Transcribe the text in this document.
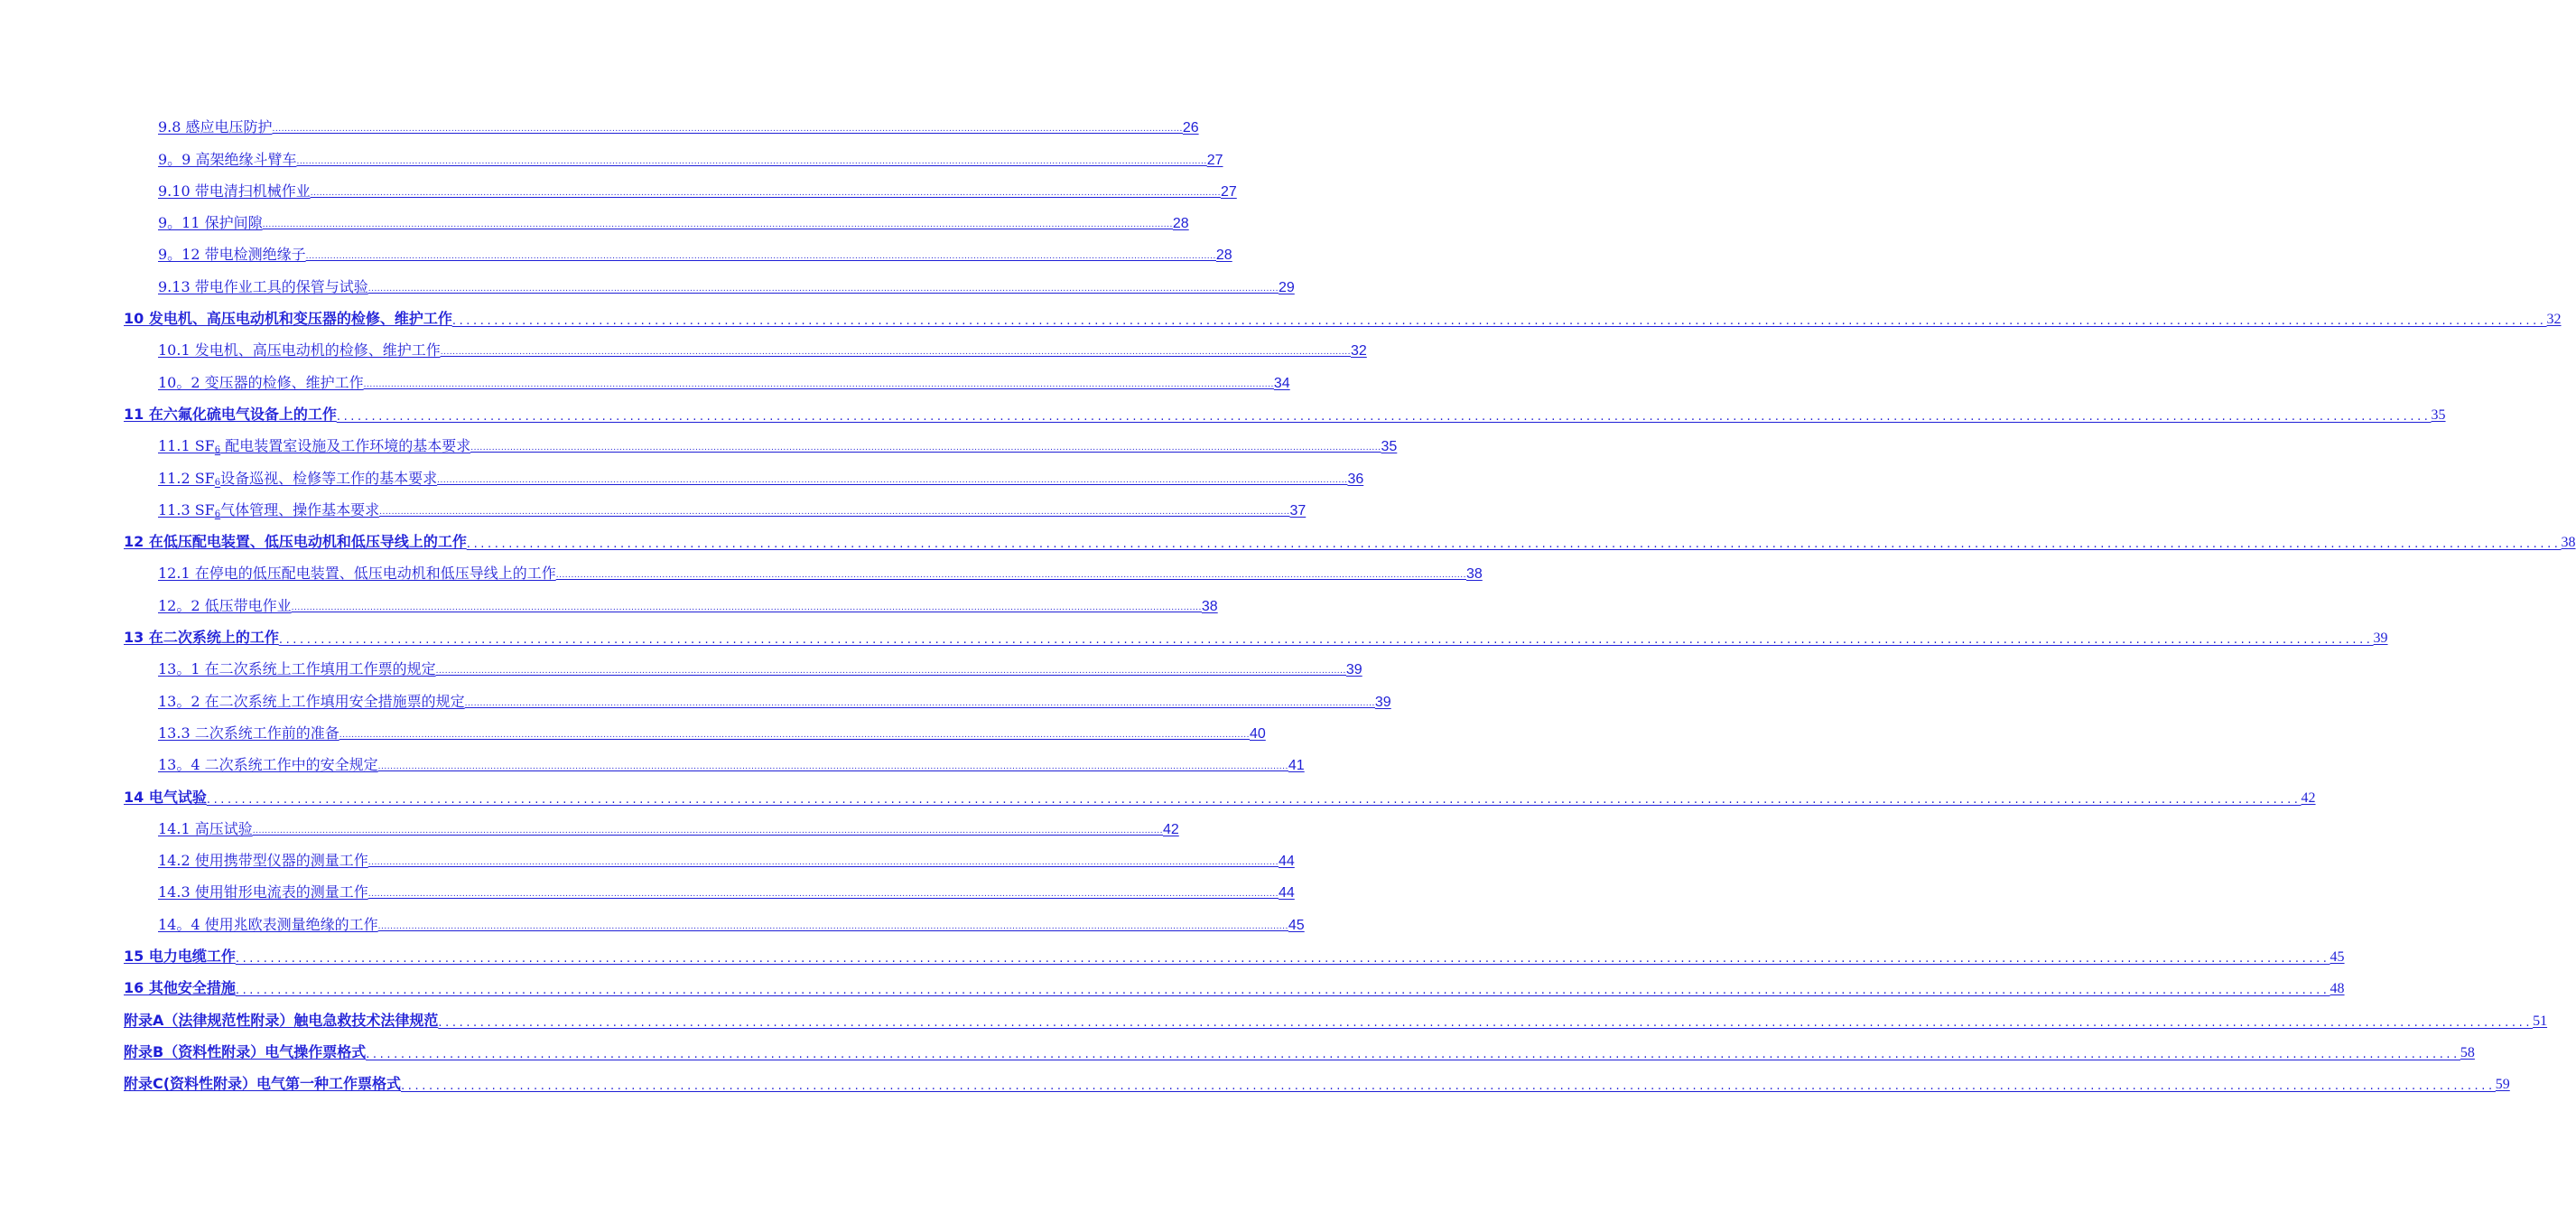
9.8 感应电压防护 ............................................................................................................................................................................................................................................................................................................ 26
9。9 高架绝缘斗臂车 ............................................................................................................................................................................................................................................................................................................ 27
9.10 带电清扫机械作业 ............................................................................................................................................................................................................................................................................................................ 27
9。11 保护间隙 ............................................................................................................................................................................................................................................................................................................ 28
9。12 带电检测绝缘子 ............................................................................................................................................................................................................................................................................................................ 28
9.13 带电作业工具的保管与试验 ............................................................................................................................................................................................................................................................................................................ 29
10 发电机、高压电动机和变压器的检修、维护工作 ............................................................................................................................................................................................................................................................................................................ 32
10.1 发电机、高压电动机的检修、维护工作 ............................................................................................................................................................................................................................................................................................................ 32
10。2 变压器的检修、维护工作 ............................................................................................................................................................................................................................................................................................................ 34
11 在六氟化硫电气设备上的工作 ............................................................................................................................................................................................................................................................................................................ 35
11.1 $SF_6$ 配电装置室设施及工作环境的基本要求 ............................................................................................................................................................................................................................................................................................................ 35
11.2 $SF_6$设备巡视、检修等工作的基本要求 ............................................................................................................................................................................................................................................................................................................ 36
11.3 $SF_6$气体管理、操作基本要求 ............................................................................................................................................................................................................................................................................................................ 37
12 在低压配电装置、低压电动机和低压导线上的工作 ............................................................................................................................................................................................................................................................................................................ 38
12.1 在停电的低压配电装置、低压电动机和低压导线上的工作 ............................................................................................................................................................................................................................................................................................................ 38
12。2 低压带电作业 ............................................................................................................................................................................................................................................................................................................ 38
13 在二次系统上的工作 ............................................................................................................................................................................................................................................................................................................ 39
13。1 在二次系统上工作填用工作票的规定 ............................................................................................................................................................................................................................................................................................................ 39
13。2 在二次系统上工作填用安全措施票的规定 ............................................................................................................................................................................................................................................................................................................ 39
13.3 二次系统工作前的准备 ............................................................................................................................................................................................................................................................................................................ 40
13。4 二次系统工作中的安全规定 ............................................................................................................................................................................................................................................................................................................ 41
14 电气试验 ............................................................................................................................................................................................................................................................................................................ 42
14.1 高压试验 ............................................................................................................................................................................................................................................................................................................ 42
14.2 使用携带型仪器的测量工作 ............................................................................................................................................................................................................................................................................................................ 44
14.3 使用钳形电流表的测量工作 ............................................................................................................................................................................................................................................................................................................ 44
14。4 使用兆欧表测量绝缘的工作 ............................................................................................................................................................................................................................................................................................................ 45
15 电力电缆工作 ............................................................................................................................................................................................................................................................................................................ 45
16 其他安全措施 ............................................................................................................................................................................................................................................................................................................ 48
附录A（法律规范性附录）触电急救技术法律规范 ............................................................................................................................................................................................................................................................................................................ 51
附录B（资料性附录）电气操作票格式 ............................................................................................................................................................................................................................................................................................................ 58
附录C(资料性附录）电气第一种工作票格式 ............................................................................................................................................................................................................................................................................................................ 59
